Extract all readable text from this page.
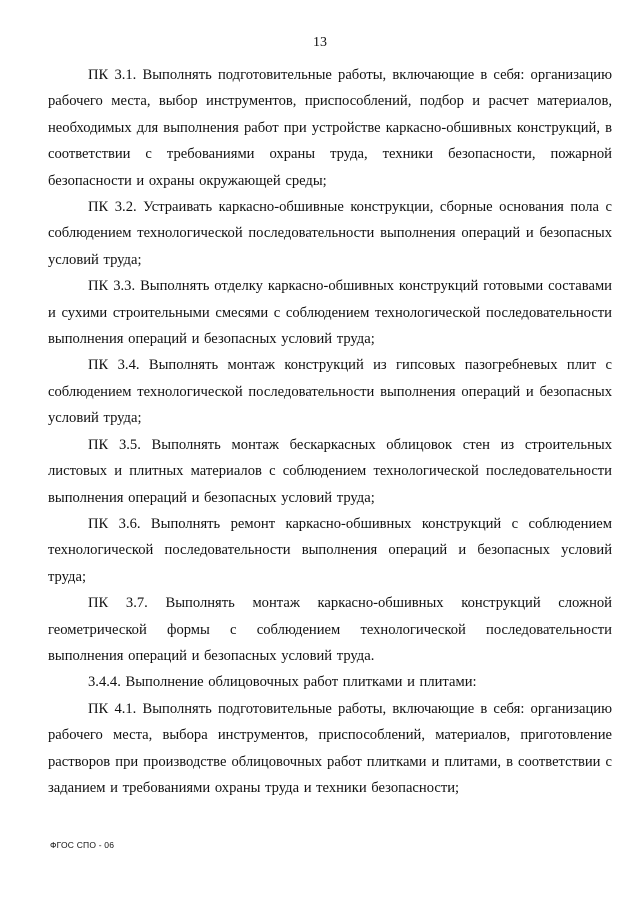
13

ПК 3.1. Выполнять подготовительные работы, включающие в себя: организацию рабочего места, выбор инструментов, приспособлений, подбор и расчет материалов, необходимых для выполнения работ при устройстве каркасно-обшивных конструкций, в соответствии с требованиями охраны труда, техники безопасности, пожарной безопасности и охраны окружающей среды;

ПК 3.2. Устраивать каркасно-обшивные конструкции, сборные основания пола с соблюдением технологической последовательности выполнения операций и безопасных условий труда;

ПК 3.3. Выполнять отделку каркасно-обшивных конструкций готовыми составами и сухими строительными смесями с соблюдением технологической последовательности выполнения операций и безопасных условий труда;

ПК 3.4. Выполнять монтаж конструкций из гипсовых пазогребневых плит с соблюдением технологической последовательности выполнения операций и безопасных условий труда;

ПК 3.5. Выполнять монтаж бескаркасных облицовок стен из строительных листовых и плитных материалов с соблюдением технологической последовательности выполнения операций и безопасных условий труда;

ПК 3.6. Выполнять ремонт каркасно-обшивных конструкций с соблюдением технологической последовательности выполнения операций и безопасных условий труда;

ПК 3.7. Выполнять монтаж каркасно-обшивных конструкций сложной геометрической формы с соблюдением технологической последовательности выполнения операций и безопасных условий труда.

3.4.4. Выполнение облицовочных работ плитками и плитами:

ПК 4.1. Выполнять подготовительные работы, включающие в себя: организацию рабочего места, выбора инструментов, приспособлений, материалов, приготовление растворов при производстве облицовочных работ плитками и плитами, в соответствии с заданием и требованиями охраны труда и техники безопасности;

ФГОС СПО - 06
